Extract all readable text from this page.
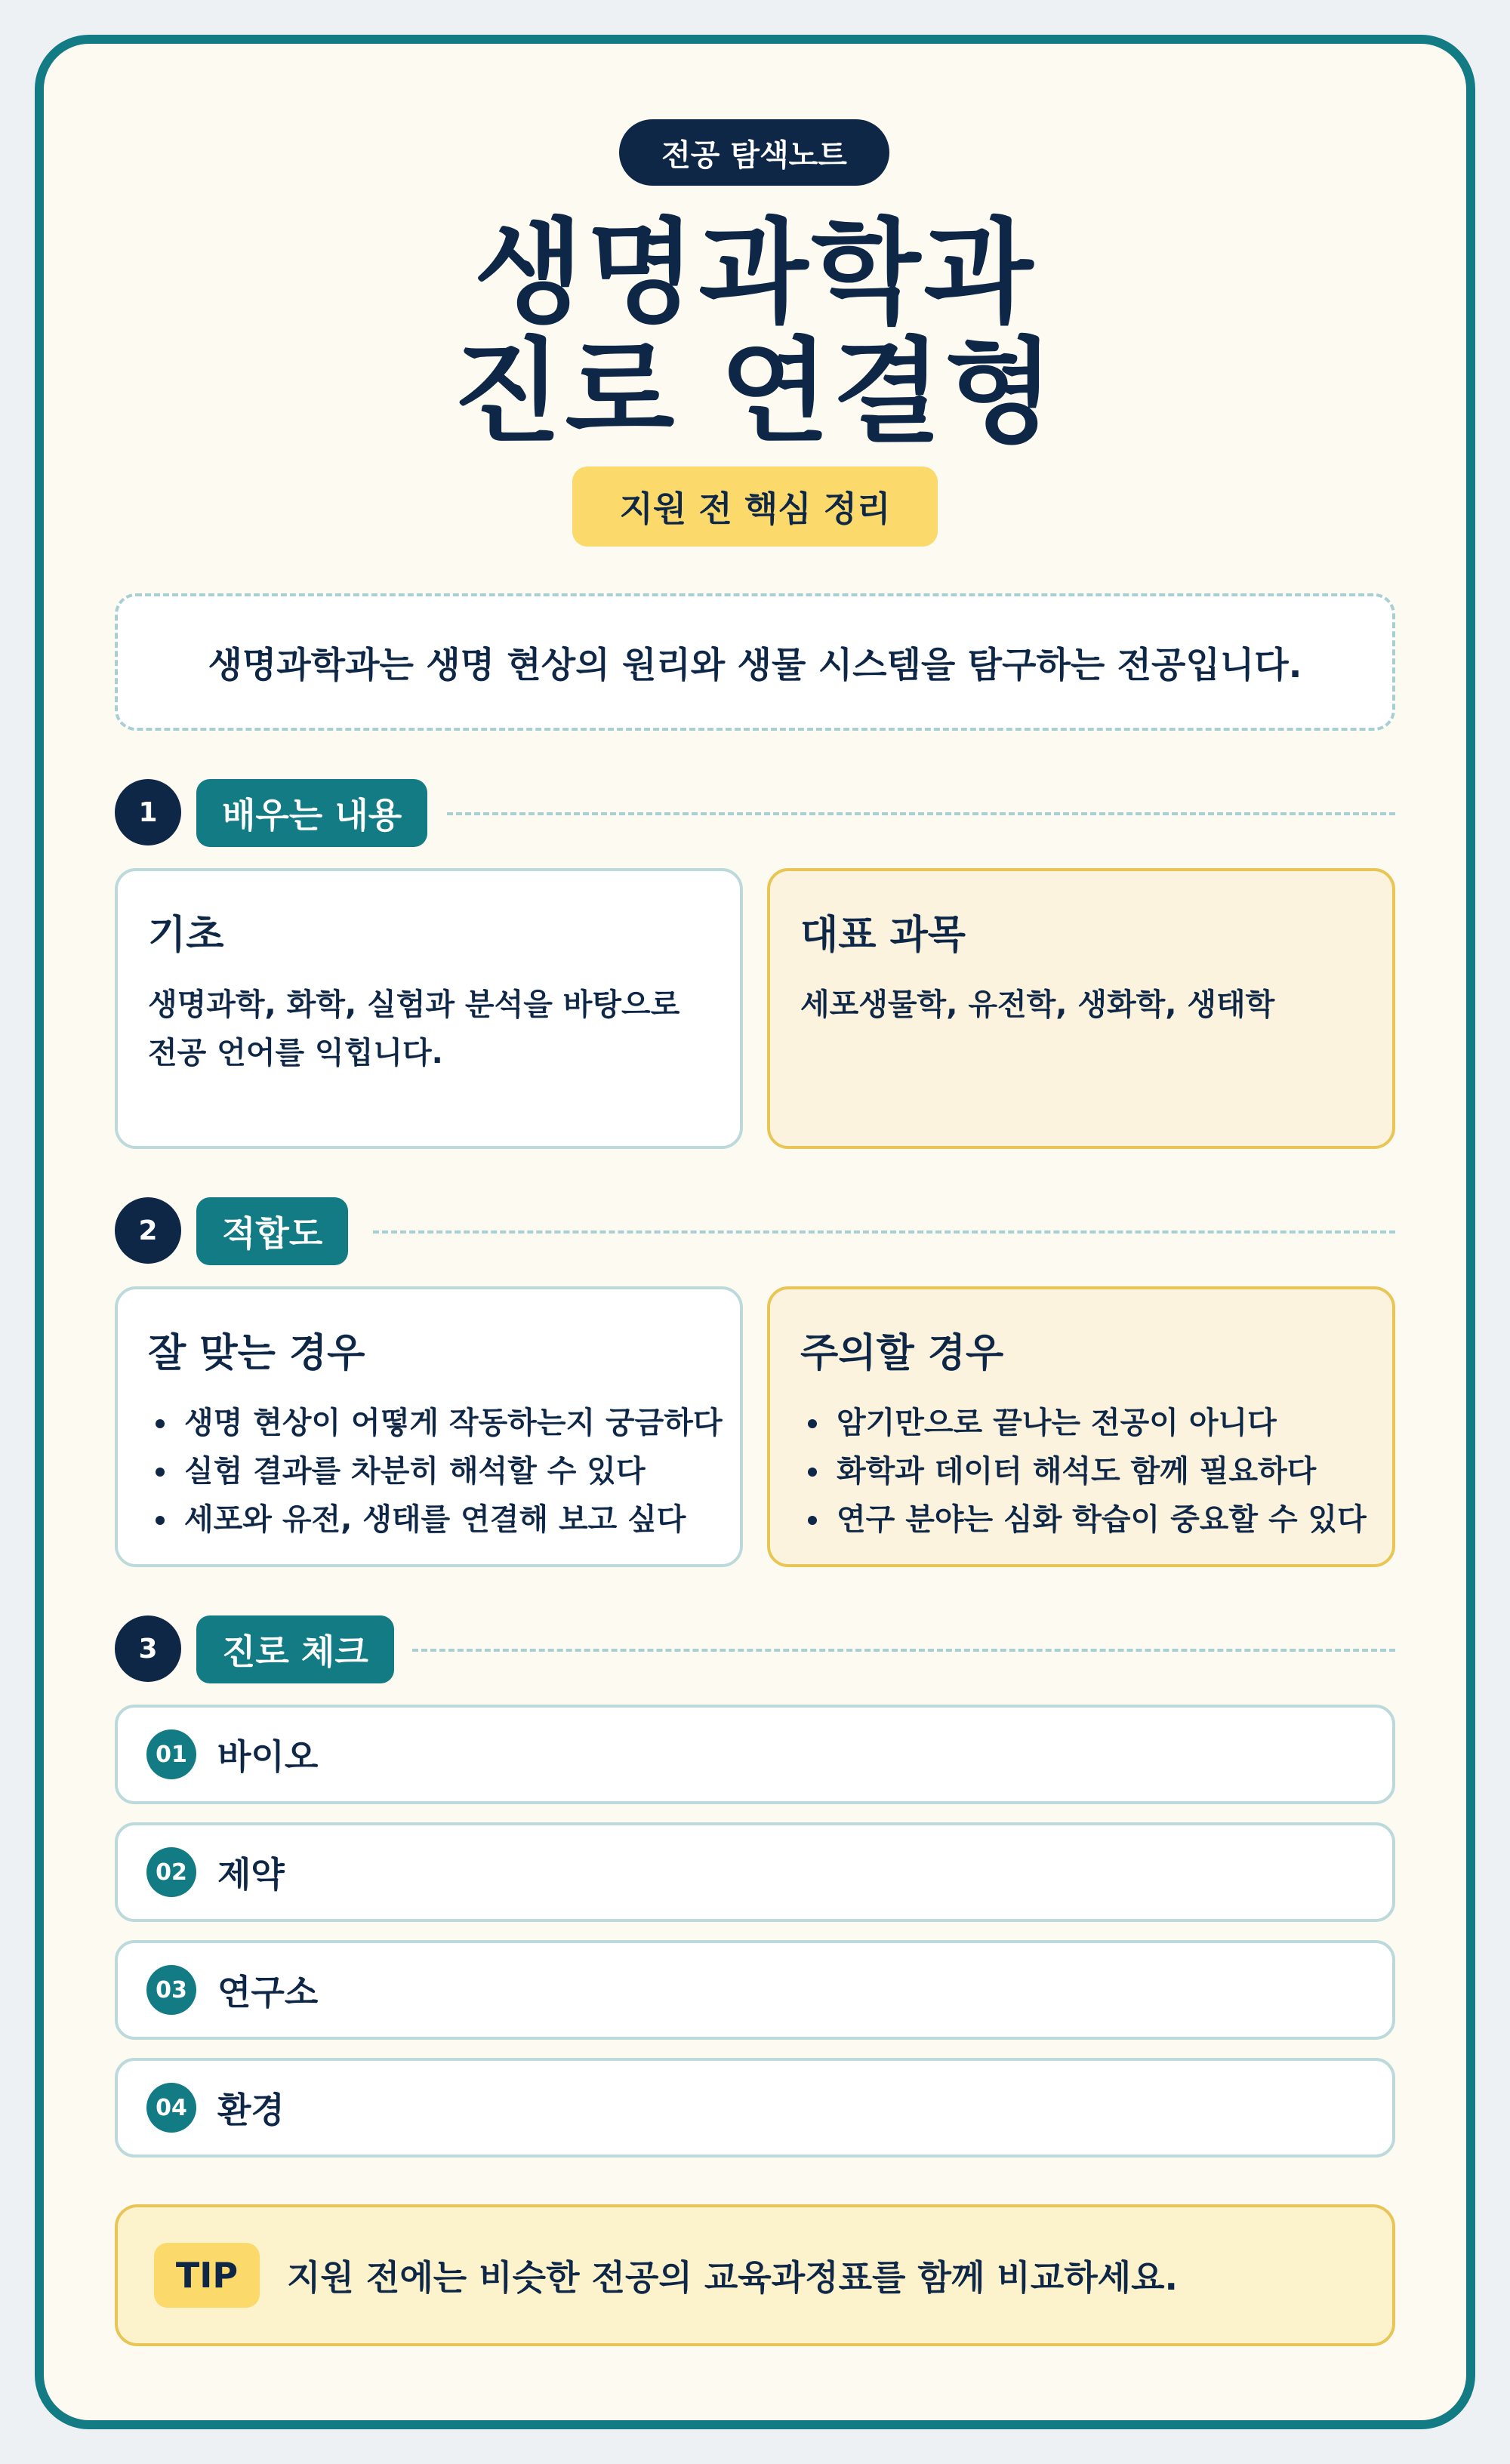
전공 탐색노트
생명과학과
진로 연결형
지원 전 핵심 정리
생명과학과는 생명 현상의 원리와 생물 시스템을 탐구하는 전공입니다.
1	배우는 내용
기초
생명과학, 화학, 실험과 분석을 바탕으로 전공 언어를 익힙니다.
대표 과목
세포생물학, 유전학, 생화학, 생태학
2	적합도
잘 맞는 경우
생명 현상이 어떻게 작동하는지 궁금하다
실험 결과를 차분히 해석할 수 있다
세포와 유전, 생태를 연결해 보고 싶다
주의할 경우
암기만으로 끝나는 전공이 아니다
화학과 데이터 해석도 함께 필요하다
연구 분야는 심화 학습이 중요할 수 있다
3	진로 체크
01 바이오
02 제약
03 연구소
04 환경
TIP	지원 전에는 비슷한 전공의 교육과정표를 함께 비교하세요.
